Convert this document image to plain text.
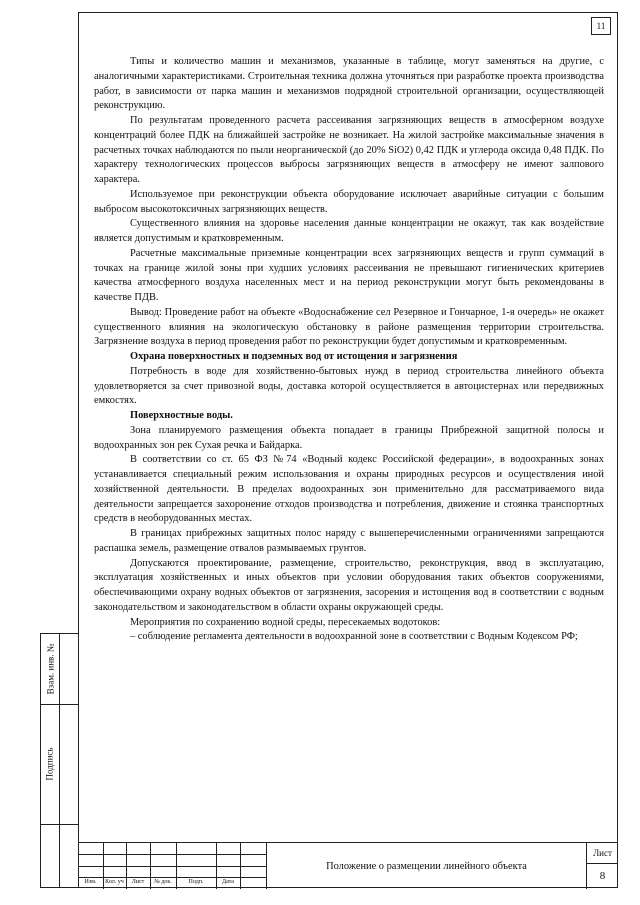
11

Типы и количество машин и механизмов, указанные в таблице, могут заменяться на другие, с аналогичными характеристиками. Строительная техника должна уточняться при разработке проекта производства работ, в зависимости от парка машин и механизмов подрядной строительной организации, осуществляющей реконструкцию.

По результатам проведенного расчета рассеивания загрязняющих веществ в атмосферном воздухе концентраций более ПДК на ближайшей застройке не возникает. На жилой застройке максимальные значения в расчетных точках наблюдаются по пыли неорганической (до 20% SiO2) 0,42 ПДК и углерода оксида 0,48 ПДК. По характеру технологических процессов выбросы загрязняющих веществ в атмосферу не имеют залпового характера.

Используемое при реконструкции объекта оборудование исключает аварийные ситуации с большим выбросом высокотоксичных загрязняющих веществ.

Существенного влияния на здоровье населения данные концентрации не окажут, так как воздействие является допустимым и кратковременным.

Расчетные максимальные приземные концентрации всех загрязняющих веществ и групп суммаций в точках на границе жилой зоны при худших условиях рассеивания не превышают гигиенических критериев качества атмосферного воздуха населенных мест и на период реконструкции могут быть рекомендованы в качестве ПДВ.

Вывод: Проведение работ на объекте «Водоснабжение сел Резервное и Гончарное, 1-я очередь» не окажет существенного влияния на экологическую обстановку в районе размещения территории строительства. Загрязнение воздуха в период проведения работ по реконструкции будет допустимым и кратковременным.

Охрана поверхностных и подземных вод от истощения и загрязнения

Потребность в воде для хозяйственно-бытовых нужд в период строительства линейного объекта удовлетворяется за счет привозной воды, доставка которой осуществляется в автоцистернах или передвижных емкостях.

Поверхностные воды.

Зона планируемого размещения объекта попадает в границы Прибрежной защитной полосы и водоохранных зон рек Сухая речка и Байдарка.

В соответствии со ст. 65 ФЗ №74 «Водный кодекс Российской федерации», в водоохранных зонах устанавливается специальный режим использования и охраны природных ресурсов и осуществления иной хозяйственной деятельности. В пределах водоохранных зон применительно для рассматриваемого вида деятельности запрещается захоронение отходов производства и потребления, движение и стоянка транспортных средств в необорудованных местах.

В границах прибрежных защитных полос наряду с вышеперечисленными ограничениями запрещаются распашка земель, размещение отвалов размываемых грунтов.

Допускаются проектирование, размещение, строительство, реконструкция, ввод в эксплуатацию, эксплуатация хозяйственных и иных объектов при условии оборудования таких объектов сооружениями, обеспечивающими охрану водных объектов от загрязнения, засорения и истощения вод в соответствии с водным законодательством и законодательством в области охраны окружающей среды.

Мероприятия по сохранению водной среды, пересекаемых водотоков:

– соблюдение регламента деятельности в водоохранной зоне в соответствии с Водным Кодексом РФ;

Взам. инв. №
Подпись
Изм.	Кол. уч	Лист	№ док.	Подп.	Дата
Положение о размещении линейного объекта
Лист
8
